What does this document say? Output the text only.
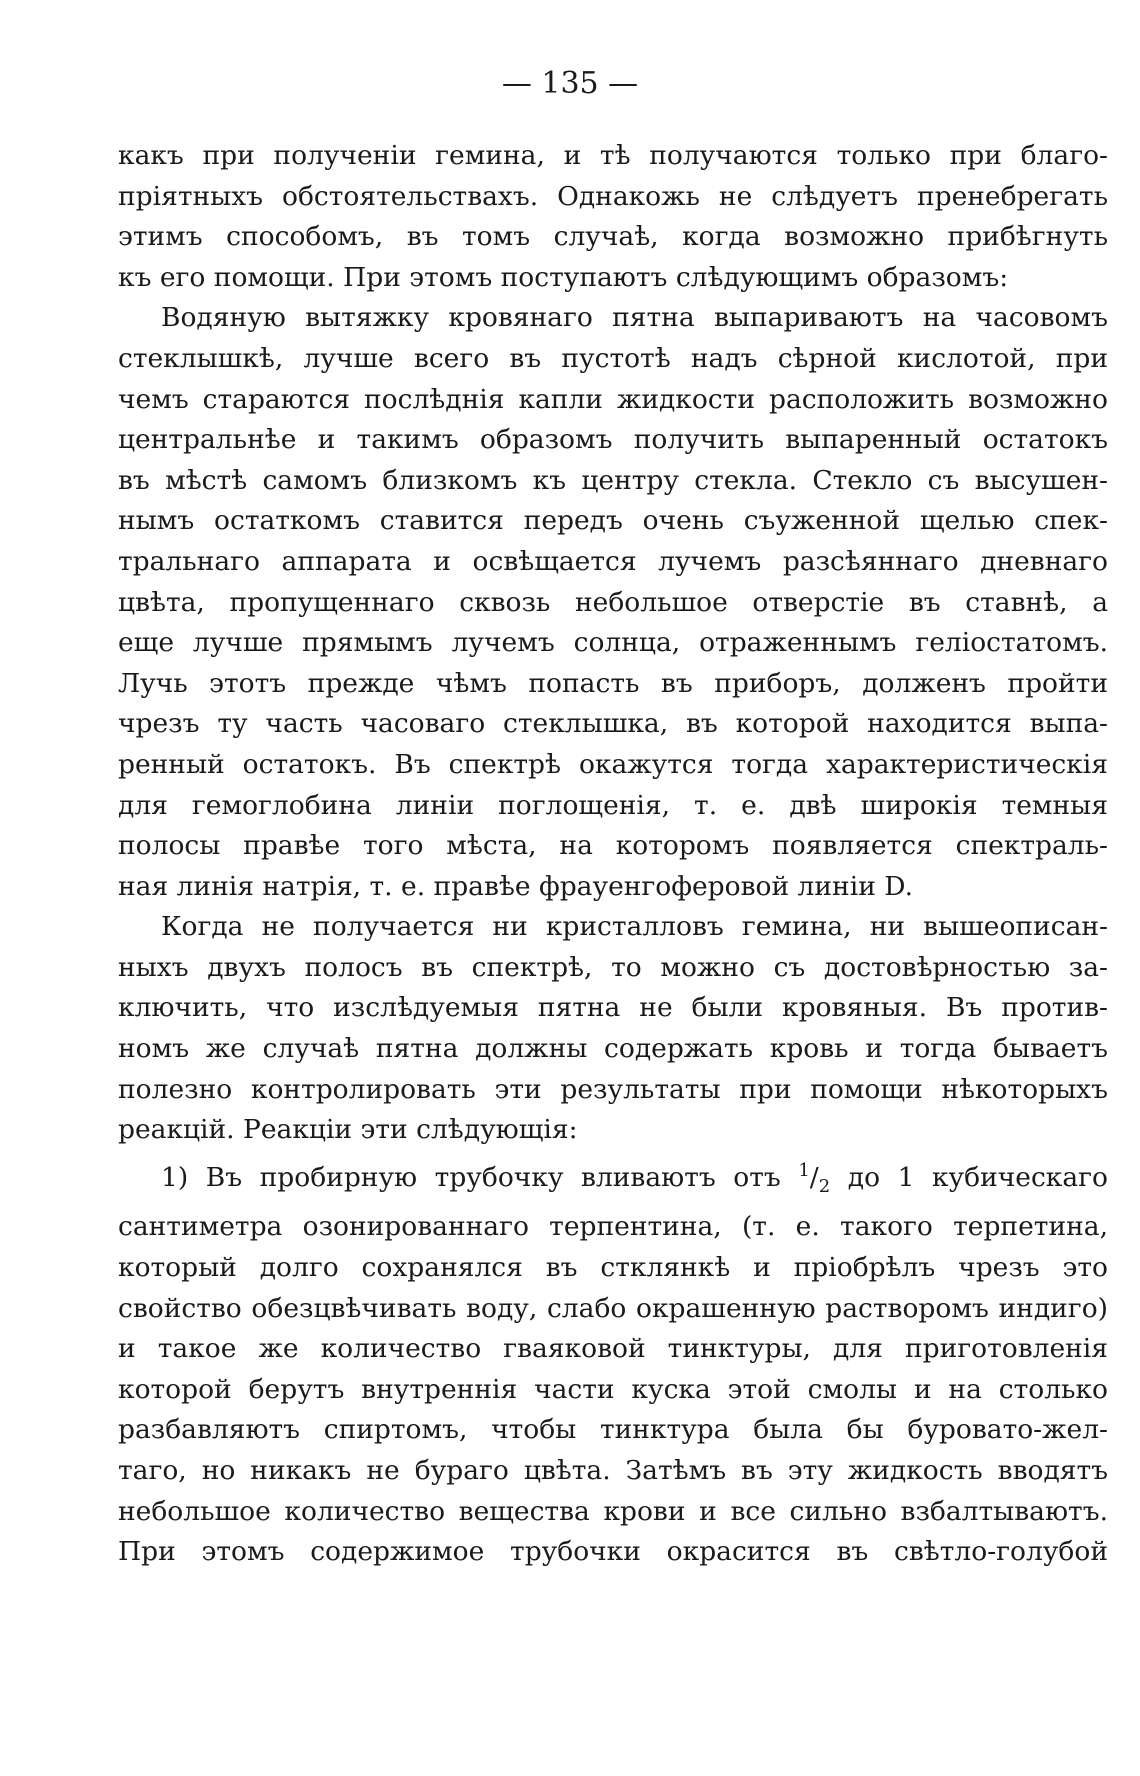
— 135 —

какъ при полученіи гемина, и тѣ получаются только при благо-
пріятныхъ обстоятельствахъ. Однакожь не слѣдуетъ пренебрегать
этимъ способомъ, въ томъ случаѣ, когда возможно прибѣгнуть
къ его помощи. При этомъ поступаютъ слѣдующимъ образомъ:

Водяную вытяжку кровянаго пятна выпариваютъ на часовомъ
стеклышкѣ, лучше всего въ пустотѣ надъ сѣрной кислотой, при
чемъ стараются послѣднія капли жидкости расположить возможно
центральнѣе и такимъ образомъ получить выпаренный остатокъ
въ мѣстѣ самомъ близкомъ къ центру стекла. Стекло съ высушен-
нымъ остаткомъ ставится передъ очень съуженной щелью спек-
тральнаго аппарата и освѣщается лучемъ разсѣяннаго дневнаго
цвѣта, пропущеннаго сквозь небольшое отверстіе въ ставнѣ, а
еще лучше прямымъ лучемъ солнца, отраженнымъ геліостатомъ.
Лучь этотъ прежде чѣмъ попасть въ приборъ, долженъ пройти
чрезъ ту часть часоваго стеклышка, въ которой находится выпа-
ренный остатокъ. Въ спектрѣ окажутся тогда характеристическія
для гемоглобина линіи поглощенія, т. е. двѣ широкія темныя
полосы правѣе того мѣста, на которомъ появляется спектраль-
ная линія натрія, т. е. правѣе фрауенгоферовой линіи D.

Когда не получается ни кристалловъ гемина, ни вышеописан-
ныхъ двухъ полосъ въ спектрѣ, то можно съ достовѣрностью за-
ключить, что изслѣдуемыя пятна не были кровяныя. Въ против-
номъ же случаѣ пятна должны содержать кровь и тогда бываетъ
полезно контролировать эти результаты при помощи нѣкоторыхъ
реакцій. Реакціи эти слѣдующія:

1) Въ пробирную трубочку вливаютъ отъ $^1/_2$ до 1 кубическаго
сантиметра озонированнаго терпентина, (т. е. такого терпетина,
который долго сохранялся въ стклянкѣ и пріобрѣлъ чрезъ это
свойство обезцвѣчивать воду, слабо окрашенную растворомъ индиго)
и такое же количество гваяковой тинктуры, для приготовленія
которой берутъ внутреннія части куска этой смолы и на столько
разбавляютъ спиртомъ, чтобы тинктура была бы буровато-жел-
таго, но никакъ не бураго цвѣта. Затѣмъ въ эту жидкость вводятъ
небольшое количество вещества крови и все сильно взбалтываютъ.
При этомъ содержимое трубочки окрасится въ свѣтло-голубой
